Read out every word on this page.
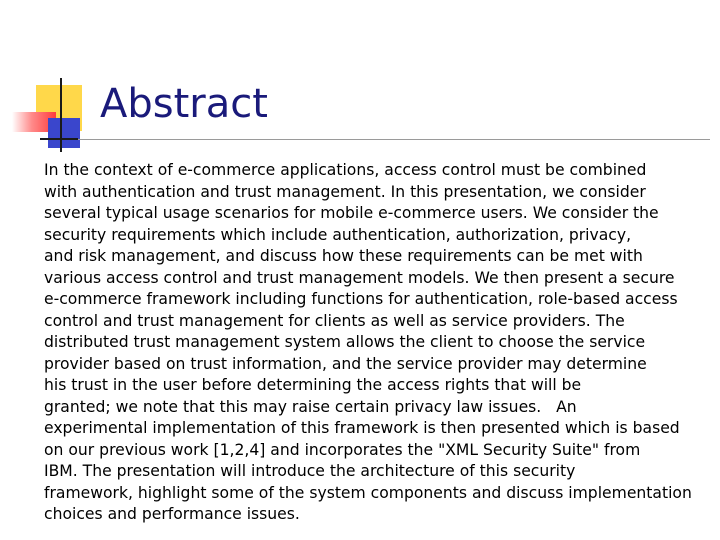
Abstract
In the context of e-commerce applications, access control must be combined
with authentication and trust management. In this presentation, we consider
several typical usage scenarios for mobile e-commerce users. We consider the
security requirements which include authentication, authorization, privacy,
and risk management, and discuss how these requirements can be met with
various access control and trust management models. We then present a secure
e-commerce framework including functions for authentication, role-based access
control and trust management for clients as well as service providers. The
distributed trust management system allows the client to choose the service
provider based on trust information, and the service provider may determine
his trust in the user before determining the access rights that will be
granted; we note that this may raise certain privacy law issues.   An
experimental implementation of this framework is then presented which is based
on our previous work [1,2,4] and incorporates the "XML Security Suite" from
IBM. The presentation will introduce the architecture of this security
framework, highlight some of the system components and discuss implementation
choices and performance issues.
